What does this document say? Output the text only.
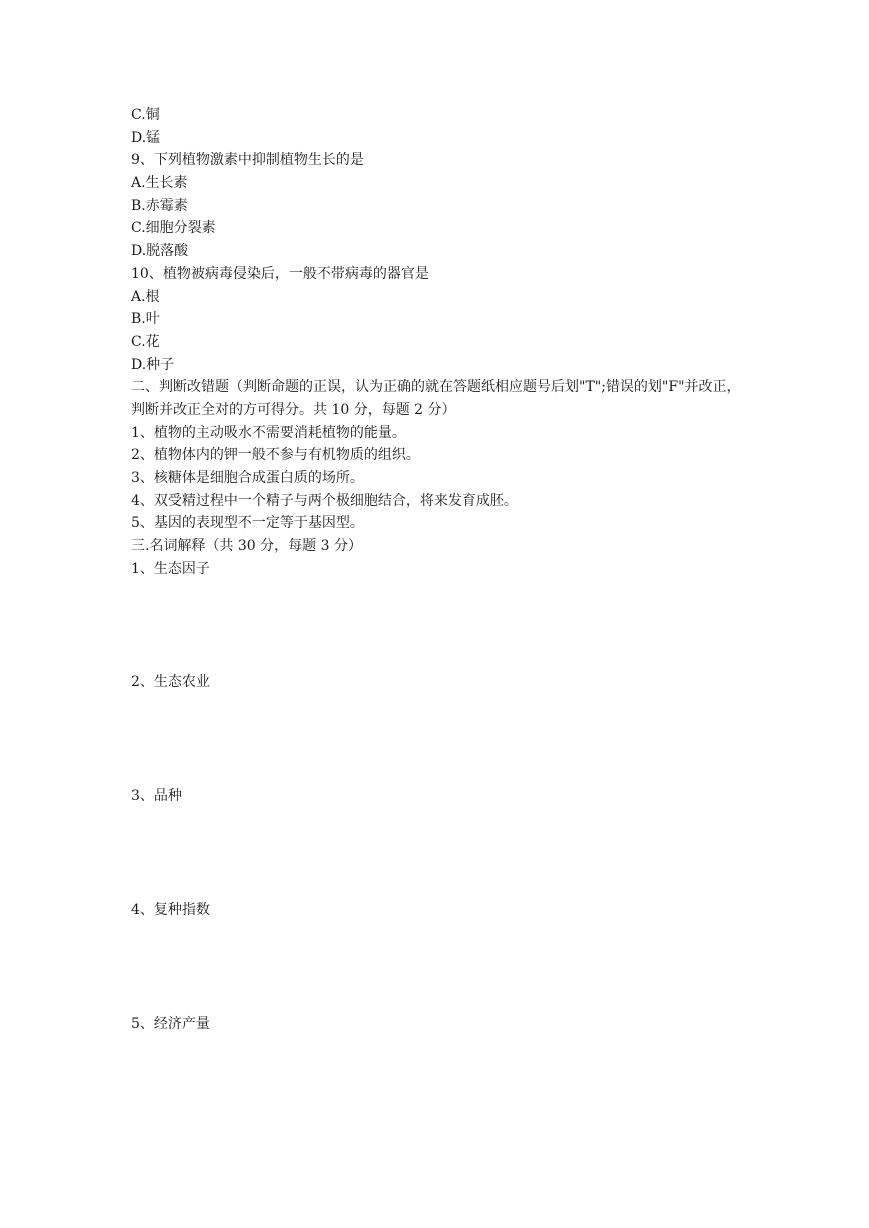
C.铜
D.锰
9、下列植物激素中抑制植物生长的是
A.生长素
B.赤霉素
C.细胞分裂素
D.脱落酸
10、植物被病毒侵染后，一般不带病毒的器官是
A.根
B.叶
C.花
D.种子
二、判断改错题（判断命题的正误，认为正确的就在答题纸相应题号后划"T";错误的划"F"并改正，判断并改正全对的方可得分。共 10 分，每题 2 分）
1、植物的主动吸水不需要消耗植物的能量。
2、植物体内的钾一般不参与有机物质的组织。
3、核糖体是细胞合成蛋白质的场所。
4、双受精过程中一个精子与两个极细胞结合，将来发育成胚。
5、基因的表现型不一定等于基因型。
三.名词解释（共 30 分，每题 3 分）
1、生态因子
2、生态农业
3、品种
4、复种指数
5、经济产量
